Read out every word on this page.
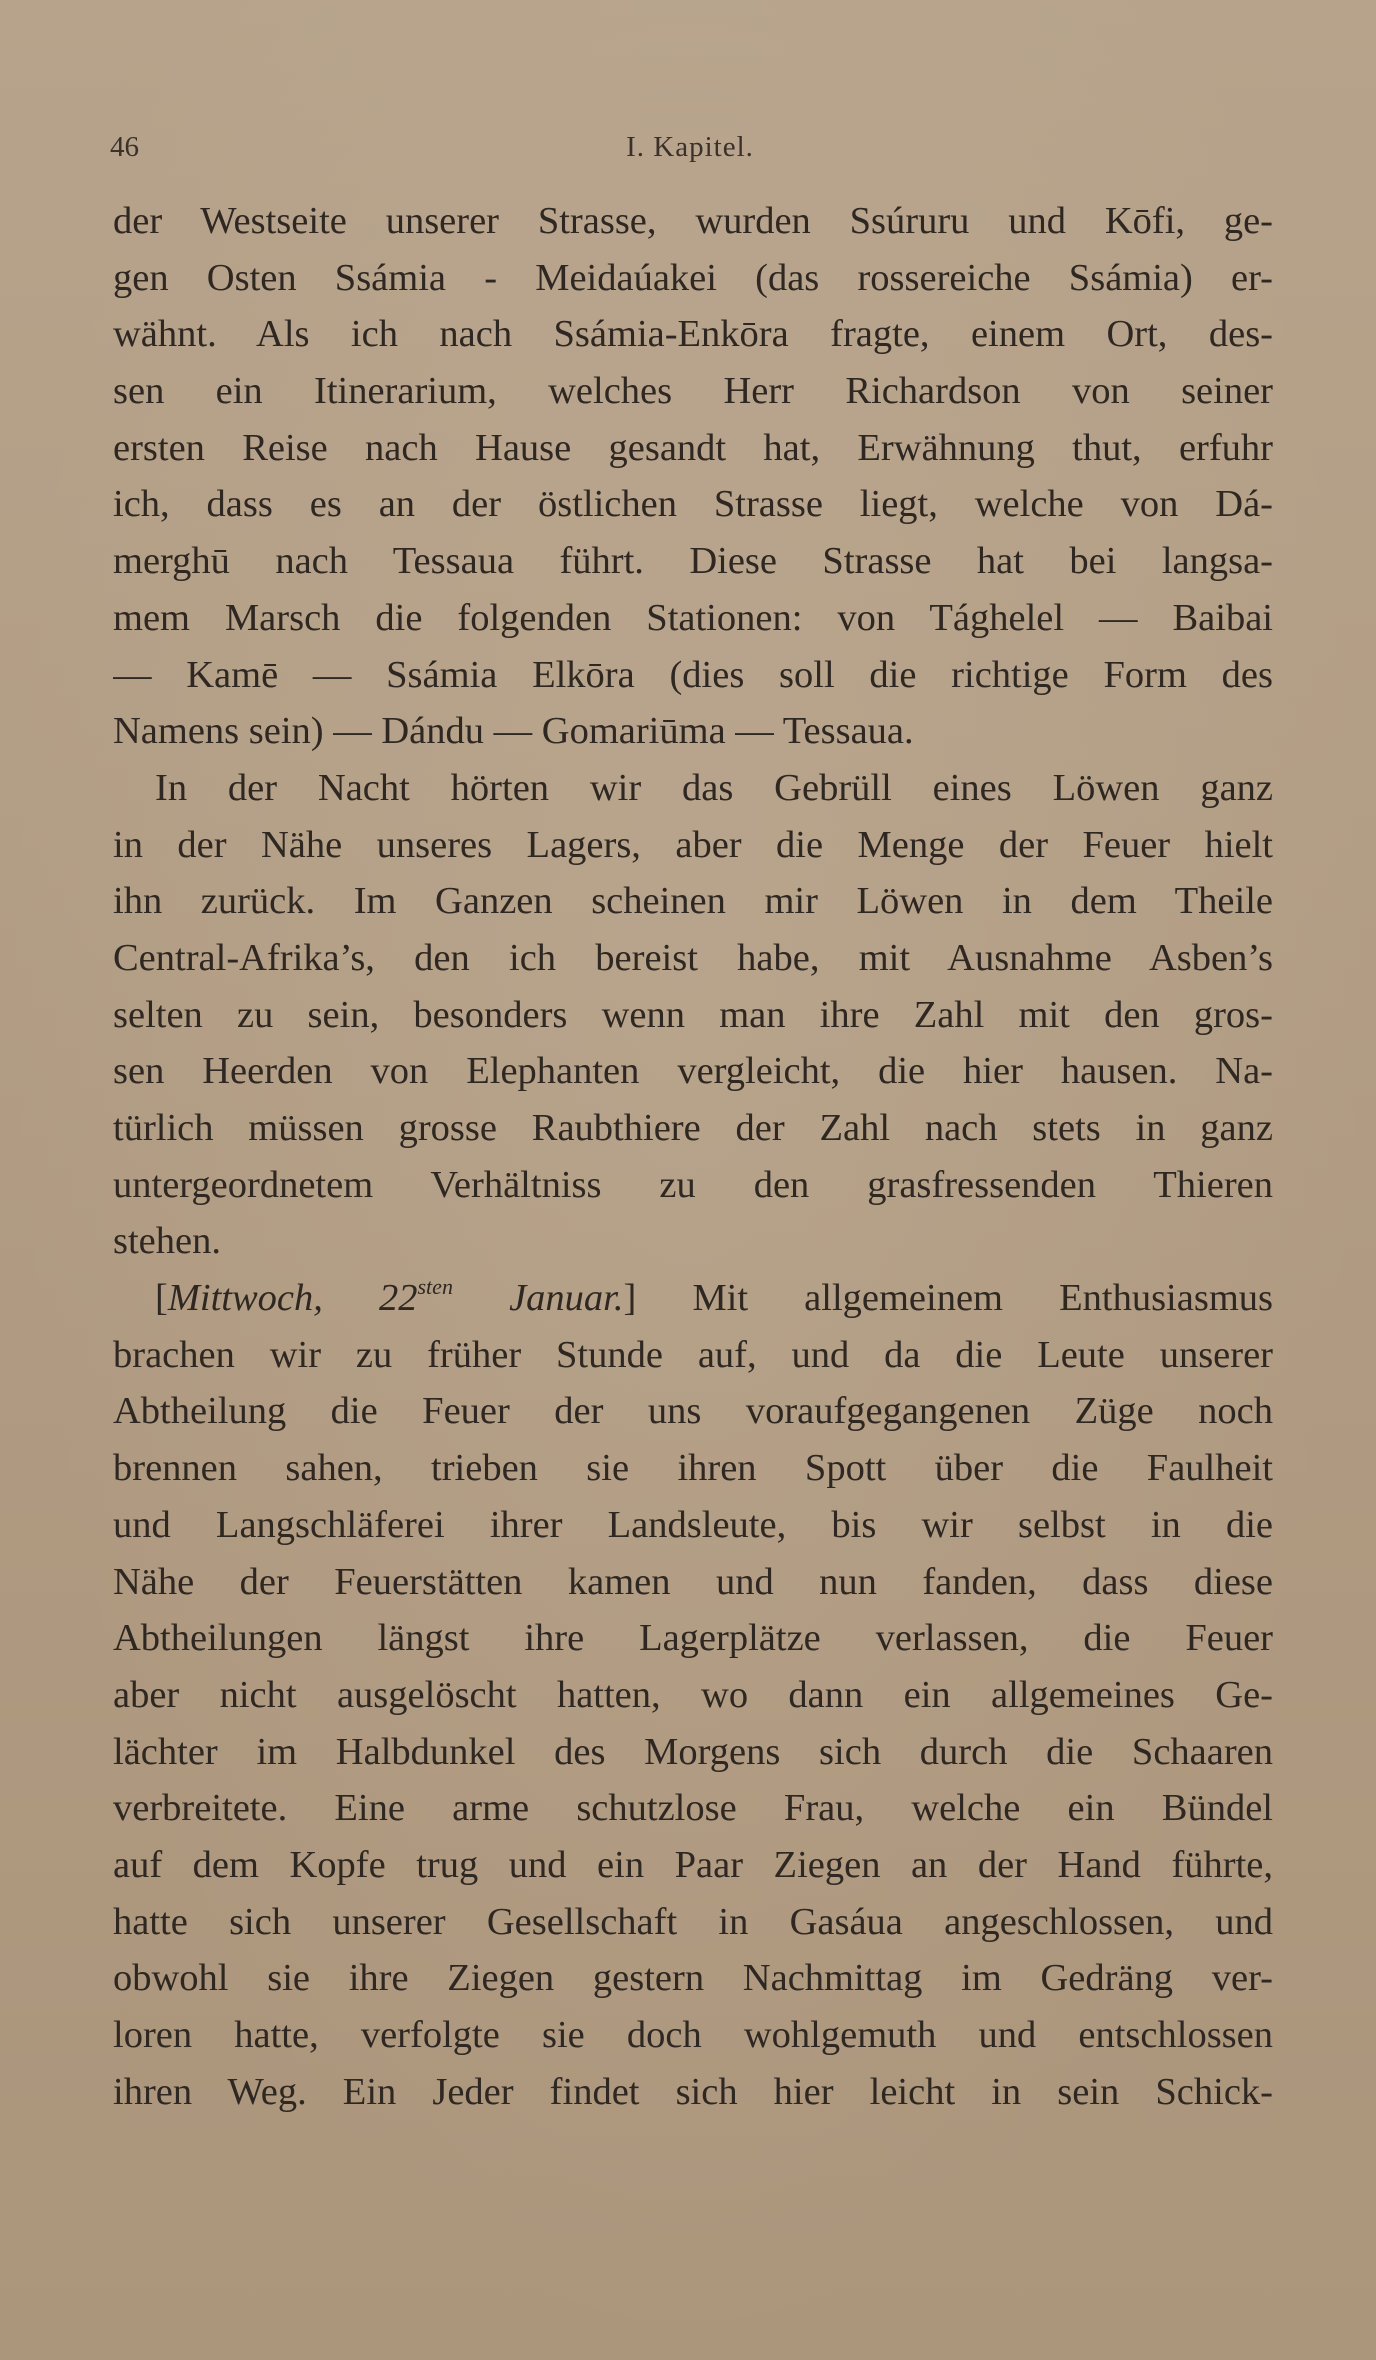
46	I. Kapitel.
der Westseite unserer Strasse, wurden Ssúruru und Kōfi, ge-
gen Osten Ssámia - Meidaúakei (das rossereiche Ssámia) er-
wähnt. Als ich nach Ssámia-Enkōra fragte, einem Ort, des-
sen ein Itinerarium, welches Herr Richardson von seiner
ersten Reise nach Hause gesandt hat, Erwähnung thut, erfuhr
ich, dass es an der östlichen Strasse liegt, welche von Dá-
merghū nach Tessaua führt. Diese Strasse hat bei langsa-
mem Marsch die folgenden Stationen: von Tághelel — Baibai
— Kamē — Ssámia Elkōra (dies soll die richtige Form des
Namens sein) — Dándu — Gomariūma — Tessaua.
In der Nacht hörten wir das Gebrüll eines Löwen ganz
in der Nähe unseres Lagers, aber die Menge der Feuer hielt
ihn zurück. Im Ganzen scheinen mir Löwen in dem Theile
Central-Afrika’s, den ich bereist habe, mit Ausnahme Asben’s
selten zu sein, besonders wenn man ihre Zahl mit den gros-
sen Heerden von Elephanten vergleicht, die hier hausen. Na-
türlich müssen grosse Raubthiere der Zahl nach stets in ganz
untergeordnetem Verhältniss zu den grasfressenden Thieren
stehen.
[Mittwoch, $22^{sten}$ Januar.] Mit allgemeinem Enthusiasmus
brachen wir zu früher Stunde auf, und da die Leute unserer
Abtheilung die Feuer der uns voraufgegangenen Züge noch
brennen sahen, trieben sie ihren Spott über die Faulheit
und Langschläferei ihrer Landsleute, bis wir selbst in die
Nähe der Feuerstätten kamen und nun fanden, dass diese
Abtheilungen längst ihre Lagerplätze verlassen, die Feuer
aber nicht ausgelöscht hatten, wo dann ein allgemeines Ge-
lächter im Halbdunkel des Morgens sich durch die Schaaren
verbreitete. Eine arme schutzlose Frau, welche ein Bündel
auf dem Kopfe trug und ein Paar Ziegen an der Hand führte,
hatte sich unserer Gesellschaft in Gasáua angeschlossen, und
obwohl sie ihre Ziegen gestern Nachmittag im Gedräng ver-
loren hatte, verfolgte sie doch wohlgemuth und entschlossen
ihren Weg. Ein Jeder findet sich hier leicht in sein Schick-
